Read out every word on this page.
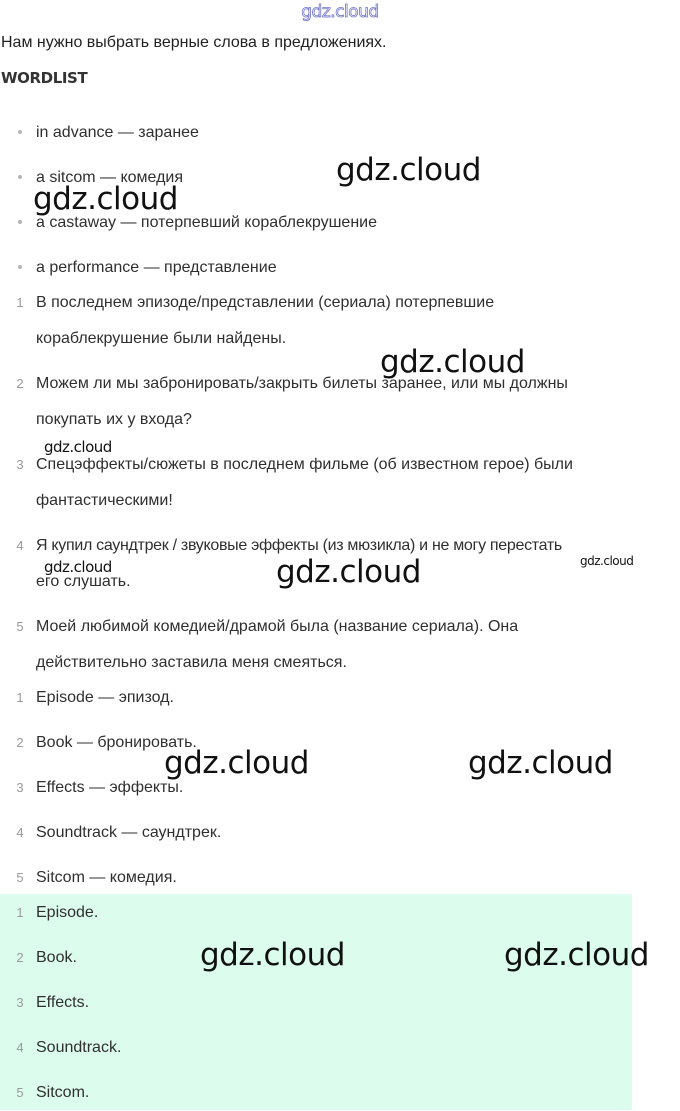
gdz.cloud
Нам нужно выбрать верные слова в предложениях.
WORDLIST
in advance — заранее
a sitcom — комедия
a castaway — потерпевший кораблекрушение
a performance — представление
1 В последнем эпизоде/представлении (сериала) потерпевшие
кораблекрушение были найдены.
2 Можем ли мы забронировать/закрыть билеты заранее, или мы должны
покупать их у входа?
3 Спецэффекты/сюжеты в последнем фильме (об известном герое) были
фантастическими!
4 Я купил саундтрек / звуковые эффекты (из мюзикла) и не могу перестать
его слушать.
5 Моей любимой комедией/драмой была (название сериала). Она
действительно заставила меня смеяться.
1 Episode — эпизод.
2 Book — бронировать.
3 Effects — эффекты.
4 Soundtrack — саундтрек.
5 Sitcom — комедия.
1 Episode.
2 Book.
3 Effects.
4 Soundtrack.
5 Sitcom.
gdz.cloud
gdz.cloud
gdz.cloud
gdz.cloud
gdz.cloud	gdz.cloud	gdz.cloud
gdz.cloud	gdz.cloud
gdz.cloud	gdz.cloud
